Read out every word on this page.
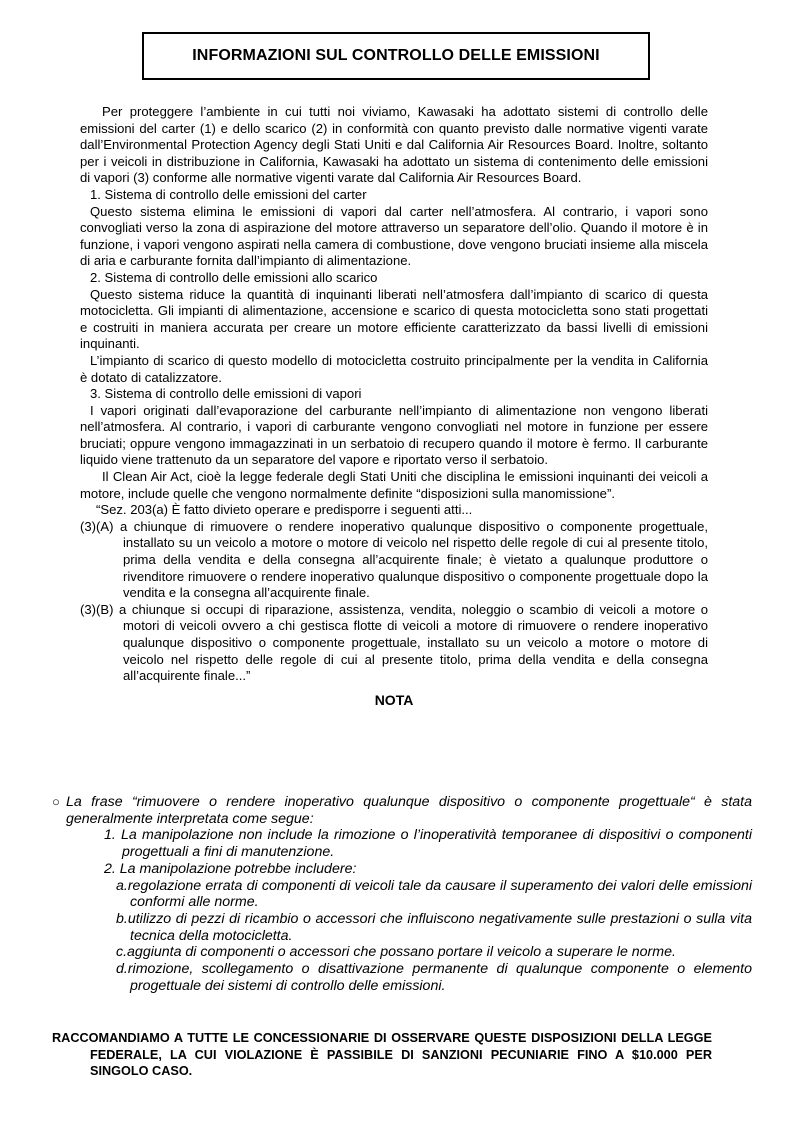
INFORMAZIONI SUL CONTROLLO DELLE EMISSIONI

Per proteggere l’ambiente in cui tutti noi viviamo, Kawasaki ha adottato sistemi di controllo delle emissioni del carter (1) e dello scarico (2) in conformità con quanto previsto dalle normative vigenti varate dall’Environmental Protection Agency degli Stati Uniti e dal California Air Resources Board. Inoltre, soltanto per i veicoli in distribuzione in California, Kawasaki ha adottato un sistema di contenimento delle emissioni di vapori (3) conforme alle normative vigenti varate dal California Air Resources Board.

1. Sistema di controllo delle emissioni del carter

Questo sistema elimina le emissioni di vapori dal carter nell’atmosfera. Al contrario, i vapori sono convogliati verso la zona di aspirazione del motore attraverso un separatore dell’olio. Quando il motore è in funzione, i vapori vengono aspirati nella camera di combustione, dove vengono bruciati insieme alla miscela di aria e carburante fornita dall’impianto di alimentazione.

2. Sistema di controllo delle emissioni allo scarico

Questo sistema riduce la quantità di inquinanti liberati nell’atmosfera dall’impianto di scarico di questa motocicletta. Gli impianti di alimentazione, accensione e scarico di questa motocicletta sono stati progettati e costruiti in maniera accurata per creare un motore efficiente caratterizzato da bassi livelli di emissioni inquinanti.

L’impianto di scarico di questo modello di motocicletta costruito principalmente per la vendita in California è dotato di catalizzatore.

3. Sistema di controllo delle emissioni di vapori

I vapori originati dall’evaporazione del carburante nell’impianto di alimentazione non vengono liberati nell’atmosfera. Al contrario, i vapori di carburante vengono convogliati nel motore in funzione per essere bruciati; oppure vengono immagazzinati in un serbatoio di recupero quando il motore è fermo. Il carburante liquido viene trattenuto da un separatore del vapore e riportato verso il serbatoio.

Il Clean Air Act, cioè la legge federale degli Stati Uniti che disciplina le emissioni inquinanti dei veicoli a motore, include quelle che vengono normalmente definite “disposizioni sulla manomissione”.

“Sez. 203(a) È fatto divieto operare e predisporre i seguenti atti...

(3)(A) a chiunque di rimuovere o rendere inoperativo qualunque dispositivo o componente progettuale, installato su un veicolo a motore o motore di veicolo nel rispetto delle regole di cui al presente titolo, prima della vendita e della consegna all’acquirente finale; è vietato a qualunque produttore o rivenditore rimuovere o rendere inoperativo qualunque dispositivo o componente progettuale dopo la vendita e la consegna all’acquirente finale.

(3)(B) a chiunque si occupi di riparazione, assistenza, vendita, noleggio o scambio di veicoli a motore o motori di veicoli ovvero a chi gestisca flotte di veicoli a motore di rimuovere o rendere inoperativo qualunque dispositivo o componente progettuale, installato su un veicolo a motore o motore di veicolo nel rispetto delle regole di cui al presente titolo, prima della vendita e della consegna all’acquirente finale...”

NOTA

○ La frase “rimuovere o rendere inoperativo qualunque dispositivo o componente progettuale“ è stata generalmente interpretata come segue:

1. La manipolazione non include la rimozione o l’inoperatività temporanee di dispositivi o componenti progettuali a fini di manutenzione.

2. La manipolazione potrebbe includere:

a.regolazione errata di componenti di veicoli tale da causare il superamento dei valori delle emissioni conformi alle norme.

b.utilizzo di pezzi di ricambio o accessori che influiscono negativamente sulle prestazioni o sulla vita tecnica della motocicletta.

c.aggiunta di componenti o accessori che possano portare il veicolo a superare le norme.

d.rimozione, scollegamento o disattivazione permanente di qualunque componente o elemento progettuale dei sistemi di controllo delle emissioni.

RACCOMANDIAMO A TUTTE LE CONCESSIONARIE DI OSSERVARE QUESTE DISPOSIZIONI DELLA LEGGE FEDERALE, LA CUI VIOLAZIONE È PASSIBILE DI SANZIONI PECUNIARIE FINO A $10.000 PER SINGOLO CASO.
